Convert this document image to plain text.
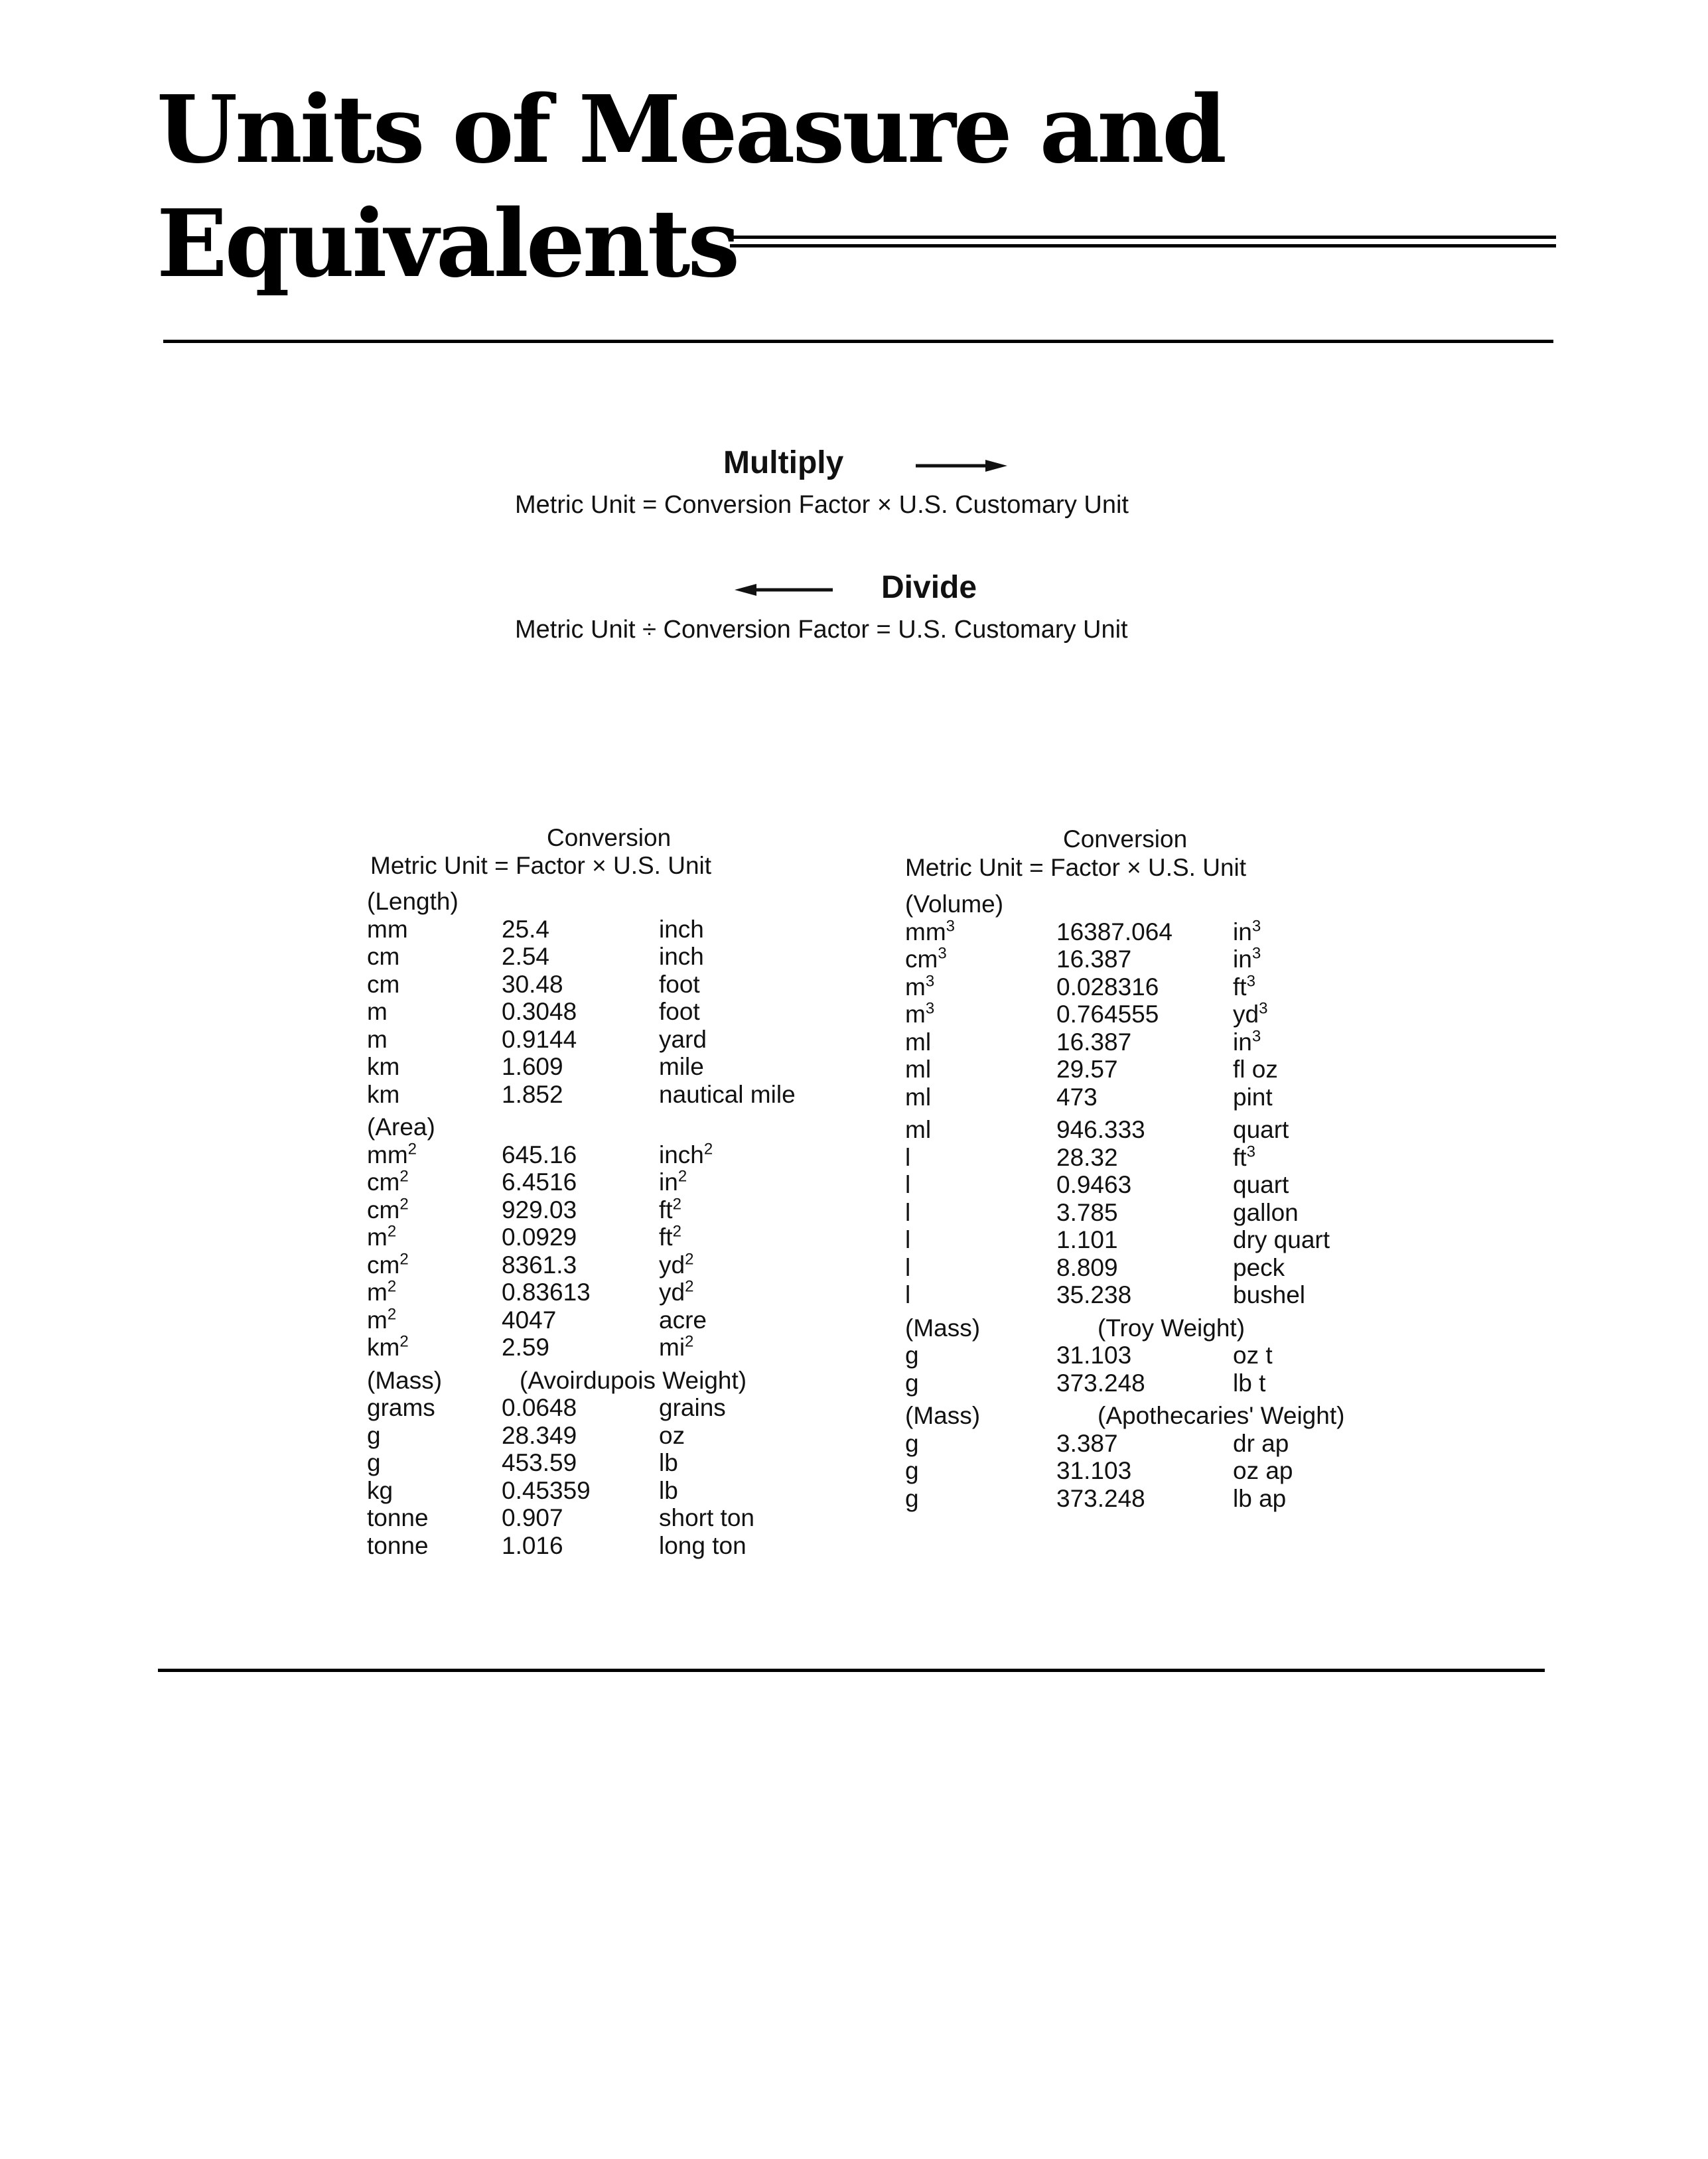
Units of Measure and
Equivalents
Multiply
Metric Unit = Conversion Factor × U.S. Customary Unit
Divide
Metric Unit ÷ Conversion Factor = U.S. Customary Unit
Conversion
Metric Unit = Factor × U.S. Unit
(Length)
mm	25.4	inch
cm	2.54	inch
cm	30.48	foot
m	0.3048	foot
m	0.9144	yard
km	1.609	mile
km	1.852	nautical mile
(Area)
$mm^2$	645.16	inch$^2$
$cm^2$	6.4516	$in^2$
$cm^2$	929.03	$ft^2$
$m^2$	0.0929	$ft^2$
$cm^2$	8361.3	$yd^2$
$m^2$	0.83613	$yd^2$
$m^2$	4047	acre
$km^2$	2.59	$mi^2$
(Mass)	(Avoirdupois Weight)
grams	0.0648	grains
g	28.349	oz
g	453.59	lb
kg	0.45359	lb
tonne	0.907	short ton
tonne	1.016	long ton
Conversion
Metric Unit = Factor × U.S. Unit
(Volume)
$mm^3$	16387.064 $in^3$
$cm^3$	16.387	$in^3$
$m^3$	0.028316	$ft^3$
$m^3$	0.764555	$yd^3$
ml	16.387	$in^3$
ml	29.57	fl oz
ml	473	pint
ml	946.333	quart
l	28.32	$ft^3$
l	0.9463	quart
l	3.785	gallon
l	1.101	dry quart
l	8.809	peck
l	35.238	bushel
(Mass)	(Troy Weight)
g	31.103	oz t
g	373.248	lb t
(Mass)	(Apothecaries' Weight)
g	3.387	dr ap
g	31.103	oz ap
g	373.248	lb ap
